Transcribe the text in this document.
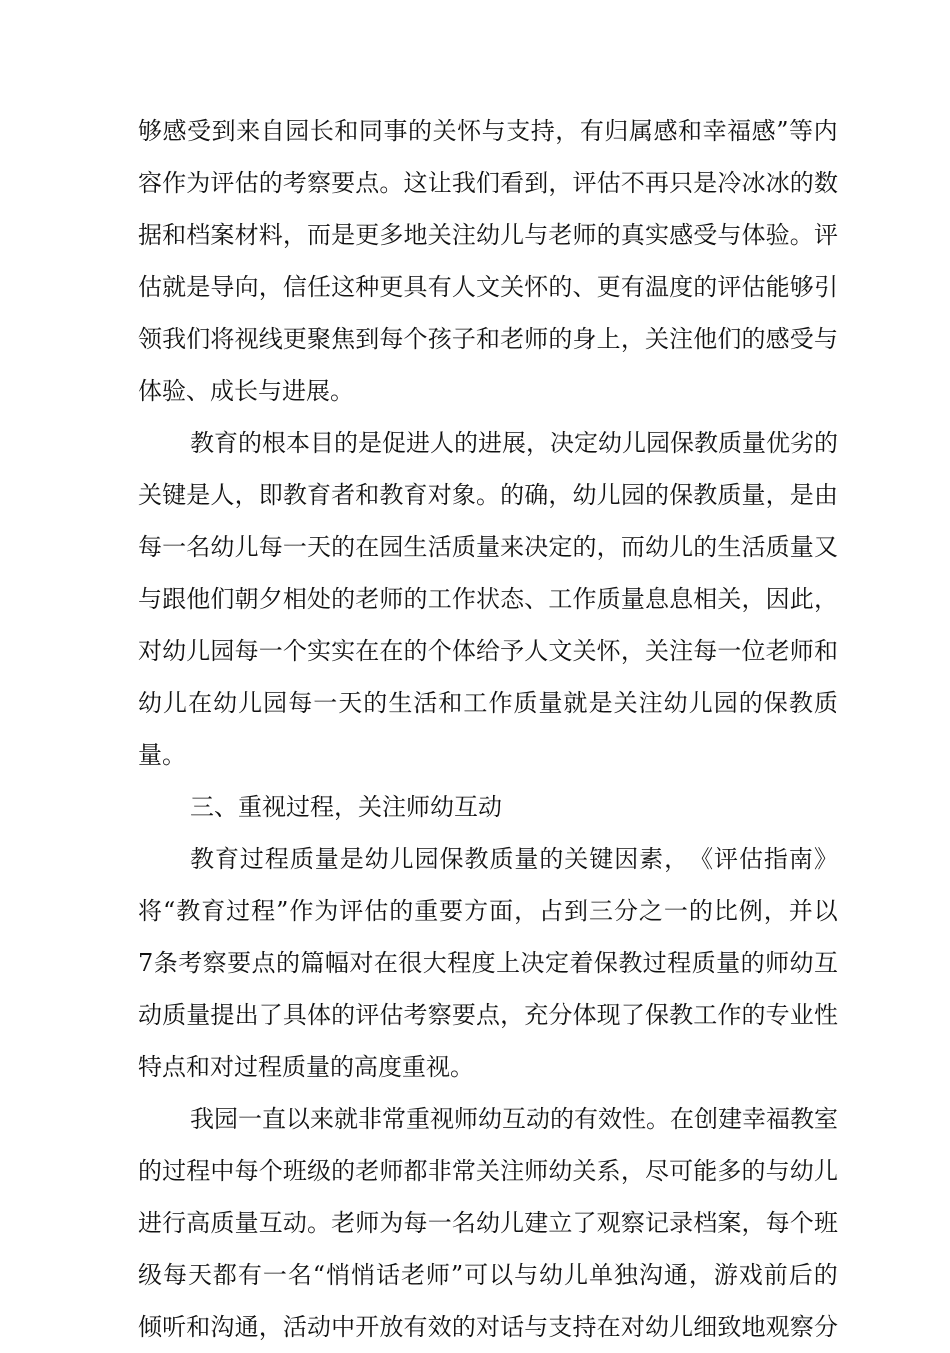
够 感 受 到 来 自 园 长 和 同 事 的 关 怀 与 支 持 ， 有 归 属 感 和 幸 福 感 ” 等 内
容 作 为 评 估 的 考 察 要 点 。 这 让 我 们 看 到 ， 评 估 不 再 只 是 冷 冰 冰 的 数
据 和 档 案 材 料 ， 而 是 更 多 地 关 注 幼 儿 与 老 师 的 真 实 感 受 与 体 验 。 评
估 就 是 导 向 ， 信 任 这 种 更 具 有 人 文 关 怀 的 、 更 有 温 度 的 评 估 能 够 引
领 我 们 将 视 线 更 聚 焦 到 每 个 孩 子 和 老 师 的 身 上 ， 关 注 他 们 的 感 受 与
体验、成长与进展。
教 育 的 根 本 目 的 是 促 进 人 的 进 展 ， 决 定 幼 儿 园 保 教 质 量 优 劣 的
关 键 是 人 ， 即 教 育 者 和 教 育 对 象 。 的 确 ， 幼 儿 园 的 保 教 质 量 ， 是 由
每 一 名 幼 儿 每 一 天 的 在 园 生 活 质 量 来 决 定 的 ， 而 幼 儿 的 生 活 质 量 又
与 跟 他 们 朝 夕 相 处 的 老 师 的 工 作 状 态 、 工 作 质 量 息 息 相 关 ， 因 此 ，
对 幼 儿 园 每 一 个 实 实 在 在 的 个 体 给 予 人 文 关 怀 ， 关 注 每 一 位 老 师 和
幼 儿 在 幼 儿 园 每 一 天 的 生 活 和 工 作 质 量 就 是 关 注 幼 儿 园 的 保 教 质
量。
三、重视过程，关注师幼互动
教 育 过 程 质 量 是 幼 儿 园 保 教 质 量 的 关 键 因 素 ， 《 评 估 指 南 》
将 “ 教 育 过 程 ” 作 为 评 估 的 重 要 方 面 ， 占 到 三 分 之 一 的 比 例 ， 并 以
7 条 考 察 要 点 的 篇 幅 对 在 很 大 程 度 上 决 定 着 保 教 过 程 质 量 的 师 幼 互
动 质 量 提 出 了 具 体 的 评 估 考 察 要 点 ， 充 分 体 现 了 保 教 工 作 的 专 业 性
特点和对过程质量的高度重视。
我 园 一 直 以 来 就 非 常 重 视 师 幼 互 动 的 有 效 性 。 在 创 建 幸 福 教 室
的 过 程 中 每 个 班 级 的 老 师 都 非 常 关 注 师 幼 关 系 ， 尽 可 能 多 的 与 幼 儿
进 行 高 质 量 互 动 。 老 师 为 每 一 名 幼 儿 建 立 了 观 察 记 录 档 案 ， 每 个 班
级 每 天 都 有 一 名 “ 悄 悄 话 老 师 ” 可 以 与 幼 儿 单 独 沟 通 ， 游 戏 前 后 的
倾 听 和 沟 通 ， 活 动 中 开 放 有 效 的 对 话 与 支 持 在 对 幼 儿 细 致 地 观 察 分
